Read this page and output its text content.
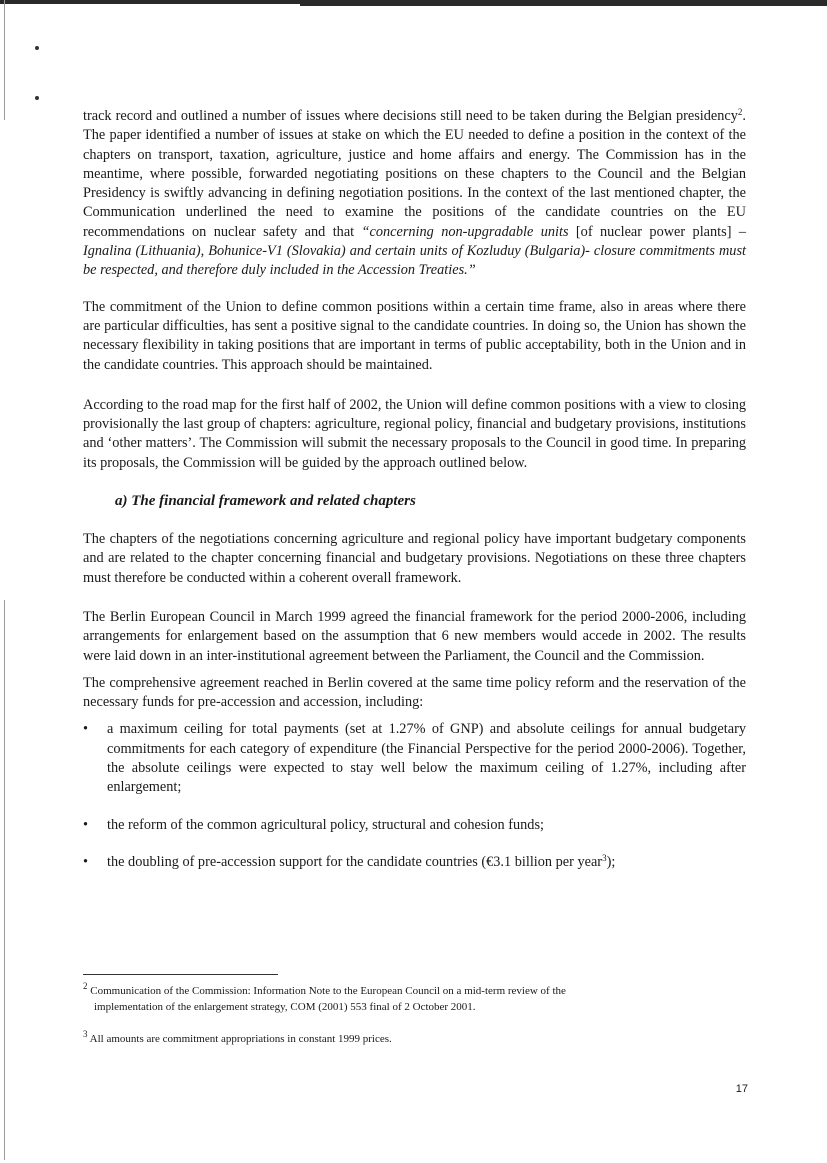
track record and outlined a number of issues where decisions still need to be taken during the Belgian presidency$^2$. The paper identified a number of issues at stake on which the EU needed to define a position in the context of the chapters on transport, taxation, agriculture, justice and home affairs and energy. The Commission has in the meantime, where possible, forwarded negotiating positions on these chapters to the Council and the Belgian Presidency is swiftly advancing in defining negotiation positions. In the context of the last mentioned chapter, the Communication underlined the need to examine the positions of the candidate countries on the EU recommendations on nuclear safety and that “concerning non-upgradable units [of nuclear power plants] – Ignalina (Lithuania), Bohunice-V1 (Slovakia) and certain units of Kozluduy (Bulgaria)- closure commitments must be respected, and therefore duly included in the Accession Treaties.”

The commitment of the Union to define common positions within a certain time frame, also in areas where there are particular difficulties, has sent a positive signal to the candidate countries. In doing so, the Union has shown the necessary flexibility in taking positions that are important in terms of public acceptability, both in the Union and in the candidate countries. This approach should be maintained.

According to the road map for the first half of 2002, the Union will define common positions with a view to closing provisionally the last group of chapters: agriculture, regional policy, financial and budgetary provisions, institutions and ‘other matters’. The Commission will submit the necessary proposals to the Council in good time. In preparing its proposals, the Commission will be guided by the approach outlined below.

a) The financial framework and related chapters

The chapters of the negotiations concerning agriculture and regional policy have important budgetary components and are related to the chapter concerning financial and budgetary provisions. Negotiations on these three chapters must therefore be conducted within a coherent overall framework.

The Berlin European Council in March 1999 agreed the financial framework for the period 2000-2006, including arrangements for enlargement based on the assumption that 6 new members would accede in 2002. The results were laid down in an inter-institutional agreement between the Parliament, the Council and the Commission.

The comprehensive agreement reached in Berlin covered at the same time policy reform and the reservation of the necessary funds for pre-accession and accession, including:

• a maximum ceiling for total payments (set at 1.27% of GNP) and absolute ceilings for annual budgetary commitments for each category of expenditure (the Financial Perspective for the period 2000-2006). Together, the absolute ceilings were expected to stay well below the maximum ceiling of 1.27%, including after enlargement;
• the reform of the common agricultural policy, structural and cohesion funds;
• the doubling of pre-accession support for the candidate countries (€3.1 billion per year$^3$);
$^2$ Communication of the Commission: Information Note to the European Council on a mid-term review of the
implementation of the enlargement strategy, COM (2001) 553 final of 2 October 2001.
$^3$ All amounts are commitment appropriations in constant 1999 prices.
17
